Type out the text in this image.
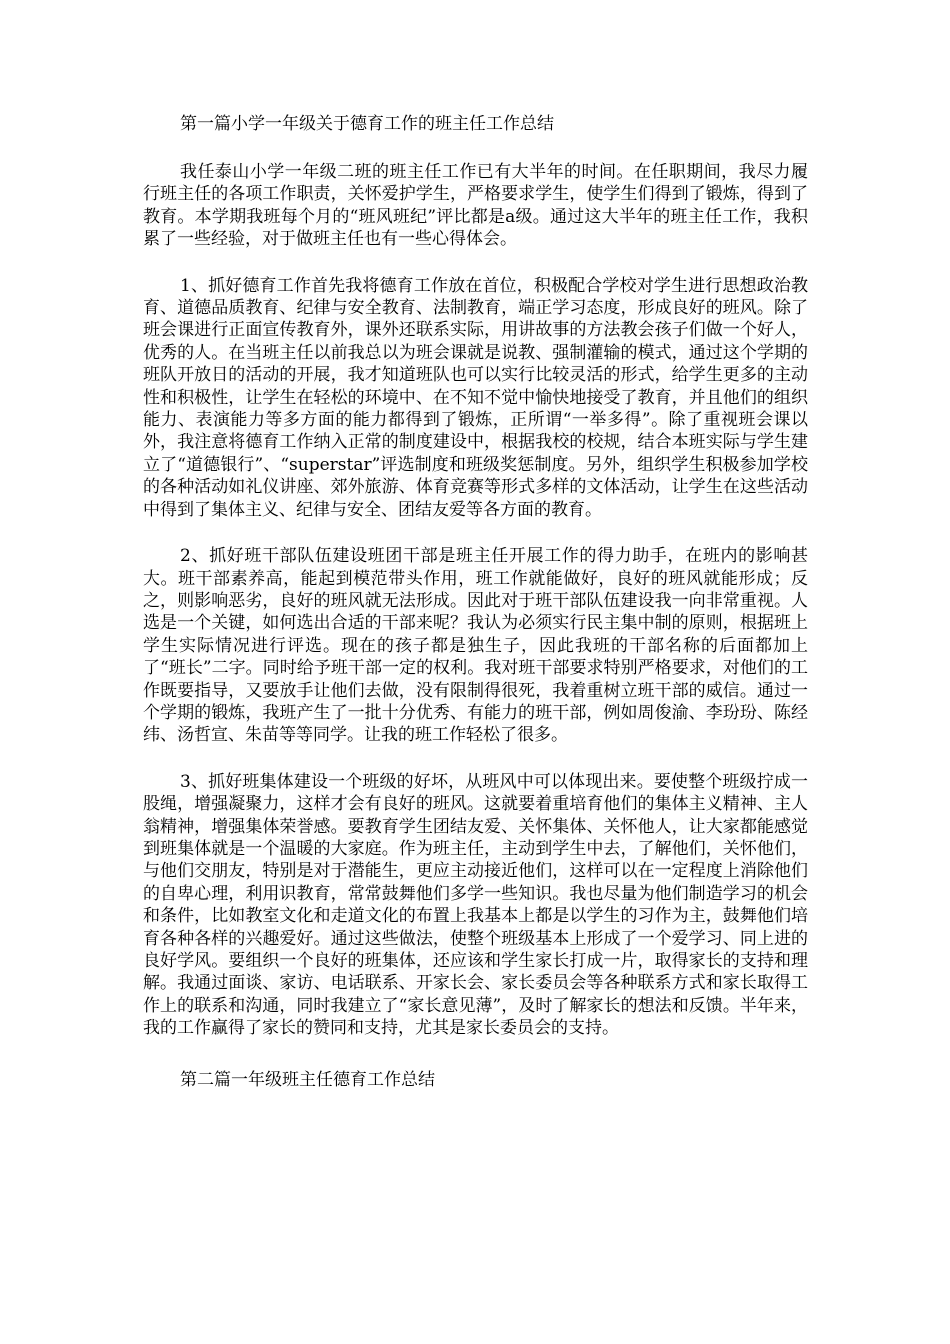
第一篇小学一年级关于德育工作的班主任工作总结

我任泰山小学一年级二班的班主任工作已有大半年的时间。在任职期间，我尽力履行班主任的各项工作职责，关怀爱护学生，严格要求学生，使学生们得到了锻炼，得到了教育。本学期我班每个月的“班风班纪”评比都是a级。通过这大半年的班主任工作，我积累了一些经验，对于做班主任也有一些心得体会。

1、抓好德育工作首先我将德育工作放在首位，积极配合学校对学生进行思想政治教育、道德品质教育、纪律与安全教育、法制教育，端正学习态度，形成良好的班风。除了班会课进行正面宣传教育外，课外还联系实际，用讲故事的方法教会孩子们做一个好人，优秀的人。在当班主任以前我总以为班会课就是说教、强制灌输的模式，通过这个学期的班队开放日的活动的开展，我才知道班队也可以实行比较灵活的形式，给学生更多的主动性和积极性，让学生在轻松的环境中、在不知不觉中愉快地接受了教育，并且他们的组织能力、表演能力等多方面的能力都得到了锻炼，正所谓“一举多得”。除了重视班会课以外，我注意将德育工作纳入正常的制度建设中，根据我校的校规，结合本班实际与学生建立了“道德银行”、“superstar”评选制度和班级奖惩制度。另外，组织学生积极参加学校的各种活动如礼仪讲座、郊外旅游、体育竞赛等形式多样的文体活动，让学生在这些活动中得到了集体主义、纪律与安全、团结友爱等各方面的教育。

2、抓好班干部队伍建设班团干部是班主任开展工作的得力助手，在班内的影响甚大。班干部素养高，能起到模范带头作用，班工作就能做好，良好的班风就能形成；反之，则影响恶劣，良好的班风就无法形成。因此对于班干部队伍建设我一向非常重视。人选是一个关键，如何选出合适的干部来呢？我认为必须实行民主集中制的原则，根据班上学生实际情况进行评选。现在的孩子都是独生子，因此我班的干部名称的后面都加上了“班长”二字。同时给予班干部一定的权利。我对班干部要求特别严格要求，对他们的工作既要指导，又要放手让他们去做，没有限制得很死，我着重树立班干部的威信。通过一个学期的锻炼，我班产生了一批十分优秀、有能力的班干部，例如周俊渝、李玢玢、陈经纬、汤哲宣、朱苗等等同学。让我的班工作轻松了很多。

3、抓好班集体建设一个班级的好坏，从班风中可以体现出来。要使整个班级拧成一股绳，增强凝聚力，这样才会有良好的班风。这就要着重培育他们的集体主义精神、主人翁精神，增强集体荣誉感。要教育学生团结友爱、关怀集体、关怀他人，让大家都能感觉到班集体就是一个温暖的大家庭。作为班主任，主动到学生中去，了解他们，关怀他们，与他们交朋友，特别是对于潜能生，更应主动接近他们，这样可以在一定程度上消除他们的自卑心理，利用识教育，常常鼓舞他们多学一些知识。我也尽量为他们制造学习的机会和条件，比如教室文化和走道文化的布置上我基本上都是以学生的习作为主，鼓舞他们培育各种各样的兴趣爱好。通过这些做法，使整个班级基本上形成了一个爱学习、同上进的良好学风。要组织一个良好的班集体，还应该和学生家长打成一片，取得家长的支持和理解。我通过面谈、家访、电话联系、开家长会、家长委员会等各种联系方式和家长取得工作上的联系和沟通，同时我建立了“家长意见薄”，及时了解家长的想法和反馈。半年来，我的工作赢得了家长的赞同和支持，尤其是家长委员会的支持。

第二篇一年级班主任德育工作总结
